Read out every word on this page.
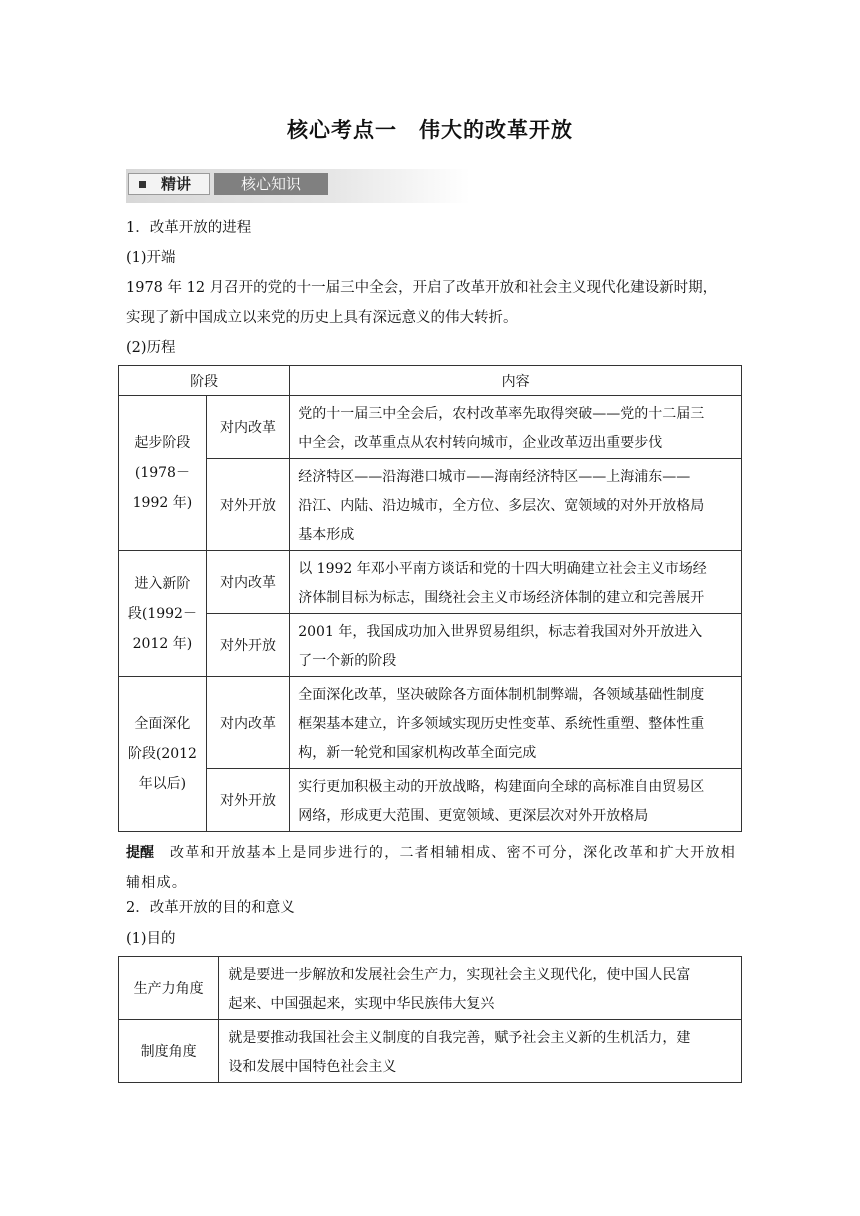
核心考点一　伟大的改革开放
精讲	核心知识
1．改革开放的进程
(1)开端
1978 年 12 月召开的党的十一届三中全会，开启了改革开放和社会主义现代化建设新时期，
实现了新中国成立以来党的历史上具有深远意义的伟大转折。
(2)历程
阶段		内容

起步阶段
(1978－
1992 年)	对内改革	党的十一届三中全会后，农村改革率先取得突破——党的十二届三
中全会，改革重点从农村转向城市，企业改革迈出重要步伐

	对外开放	经济特区——沿海港口城市——海南经济特区——上海浦东——
沿江、内陆、沿边城市，全方位、多层次、宽领域的对外开放格局
基本形成

进入新阶
段(1992－
2012 年)	对内改革	以 1992 年邓小平南方谈话和党的十四大明确建立社会主义市场经
济体制目标为标志，围绕社会主义市场经济体制的建立和完善展开

	对外开放	2001 年，我国成功加入世界贸易组织，标志着我国对外开放进入
了一个新的阶段

全面深化
阶段(2012
年以后)	对内改革	全面深化改革，坚决破除各方面体制机制弊端，各领域基础性制度
框架基本建立，许多领域实现历史性变革、系统性重塑、整体性重
构，新一轮党和国家机构改革全面完成

	对外开放	实行更加积极主动的开放战略，构建面向全球的高标准自由贸易区
网络，形成更大范围、更宽领域、更深层次对外开放格局
提醒 改革和开放基本上是同步进行的，二者相辅相成、密不可分，深化改革和扩大开放相辅相成。
2．改革开放的目的和意义
(1)目的
生产力角度	就是要进一步解放和发展社会生产力，实现社会主义现代化，使中国人民富
起来、中国强起来，实现中华民族伟大复兴

制度角度	就是要推动我国社会主义制度的自我完善，赋予社会主义新的生机活力，建
设和发展中国特色社会主义
